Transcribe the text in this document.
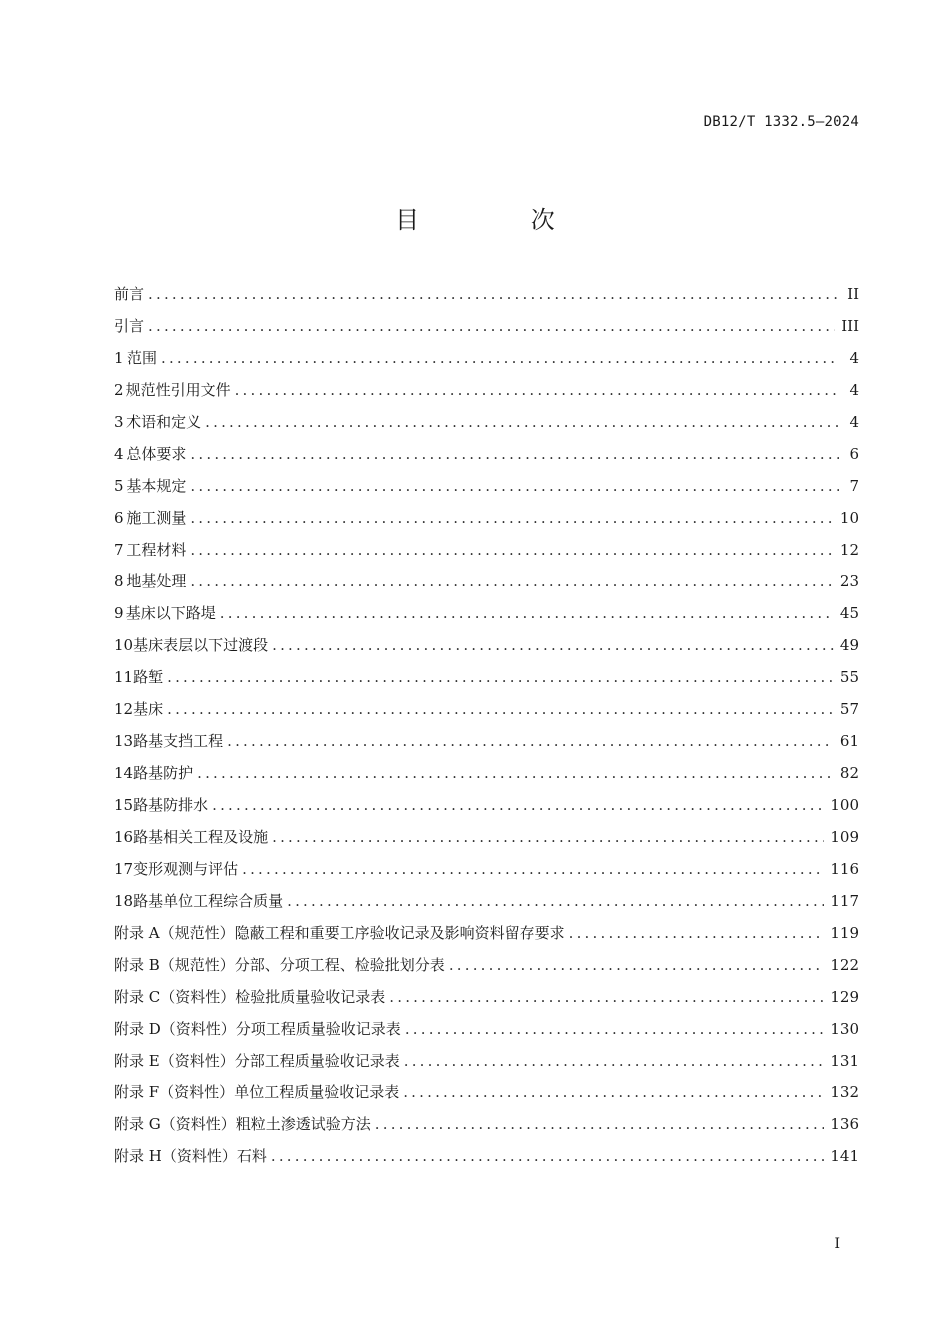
DB12/T 1332.5—2024
目 次
前言 .....	II
引言 .....	III
1 范围 .....	4
2 规范性引用文件 .....	4
3 术语和定义 .....	4
4 总体要求 .....	6
5 基本规定 .....	7
6 施工测量 .....	10
7 工程材料 .....	12
8 地基处理 .....	23
9 基床以下路堤 .....	45
10 基床表层以下过渡段 .....	49
11 路堑 .....	55
12 基床 .....	57
13 路基支挡工程 .....	61
14 路基防护 .....	82
15 路基防排水 .....	100
16 路基相关工程及设施 .....	109
17 变形观测与评估 .....	116
18 路基单位工程综合质量 .....	117
附录 A（规范性） 隐蔽工程和重要工序验收记录及影响资料留存要求 .....	119
附录 B（规范性） 分部、分项工程、检验批划分表 .....	122
附录 C（资料性） 检验批质量验收记录表 .....	129
附录 D（资料性） 分项工程质量验收记录表 .....	130
附录 E（资料性） 分部工程质量验收记录表 .....	131
附录 F（资料性） 单位工程质量验收记录表 .....	132
附录 G（资料性） 粗粒土渗透试验方法 .....	136
附录 H（资料性） 石料 .....	141
I
